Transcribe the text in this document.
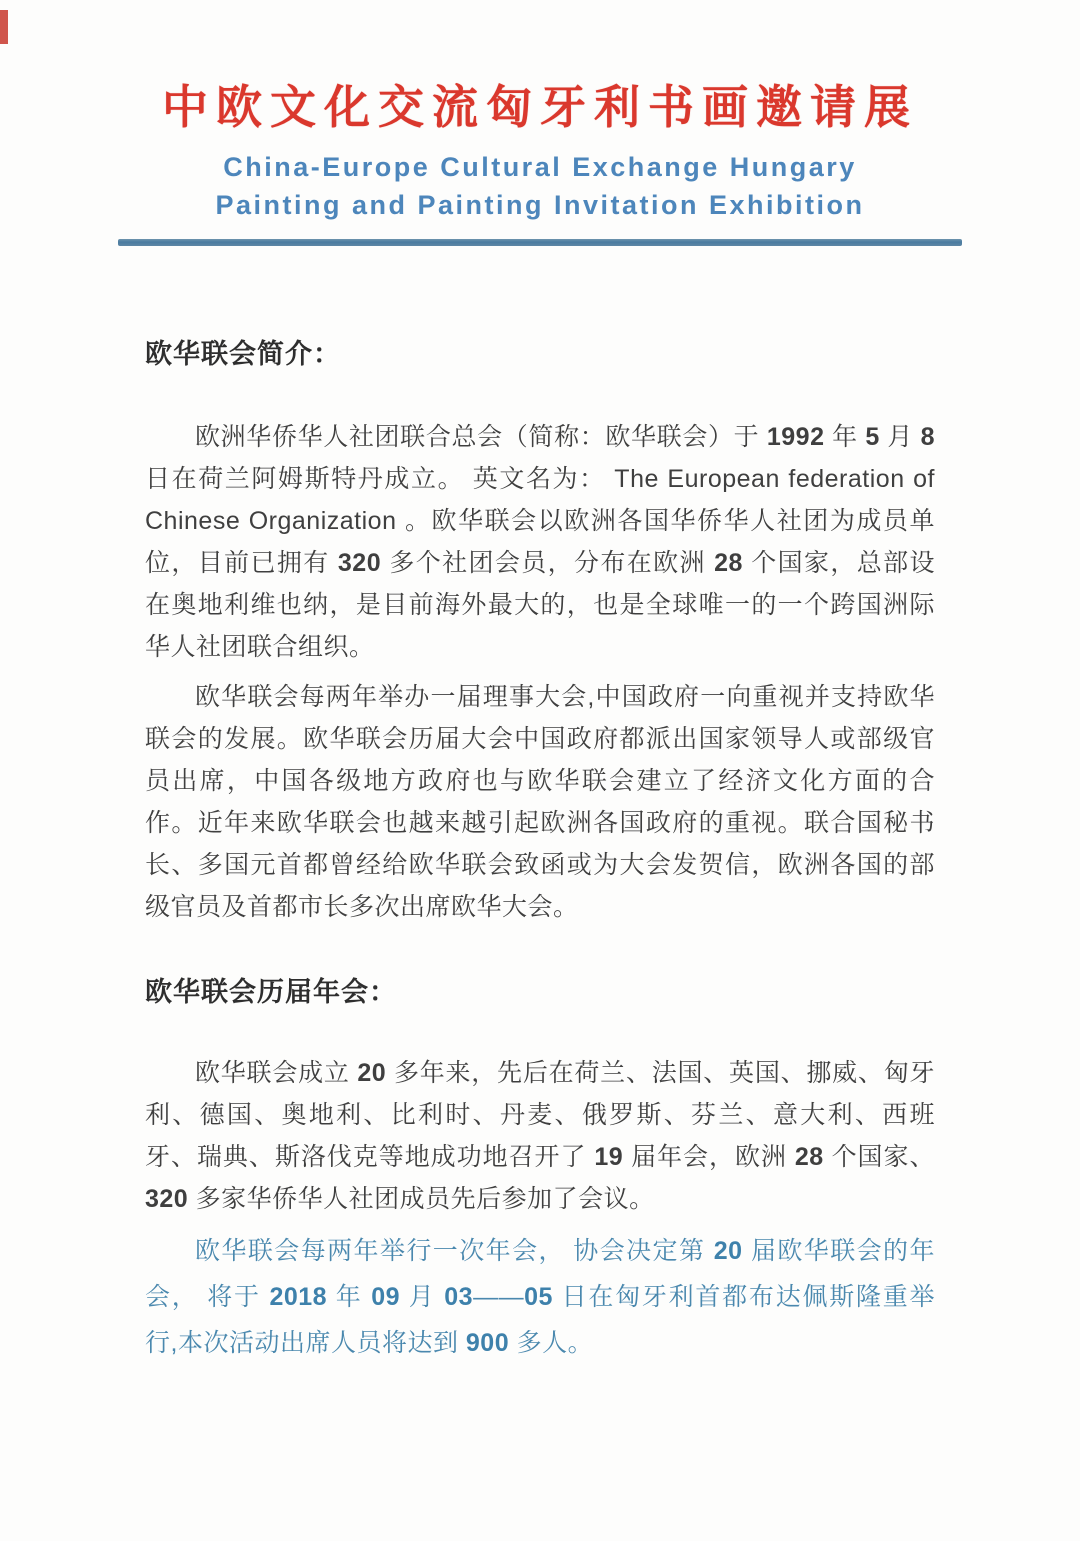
中欧文化交流匈牙利书画邀请展
China-Europe Cultural Exchange Hungary
Painting and Painting Invitation Exhibition
欧华联会简介：

欧洲华侨华人社团联合总会（简称：欧华联会）于 1992 年 5 月 8 日在荷兰阿姆斯特丹成立。 英文名为： The European federation of Chinese Organization 。欧华联会以欧洲各国华侨华人社团为成员单位，目前已拥有 320 多个社团会员，分布在欧洲 28 个国家，总部设在奥地利维也纳，是目前海外最大的，也是全球唯一的一个跨国洲际华人社团联合组织。

欧华联会每两年举办一届理事大会,中国政府一向重视并支持欧华联会的发展。欧华联会历届大会中国政府都派出国家领导人或部级官员出席，中国各级地方政府也与欧华联会建立了经济文化方面的合作。近年来欧华联会也越来越引起欧洲各国政府的重视。联合国秘书长、多国元首都曾经给欧华联会致函或为大会发贺信，欧洲各国的部级官员及首都市长多次出席欧华大会。

欧华联会历届年会：

欧华联会成立 20 多年来，先后在荷兰、法国、英国、挪威、匈牙利、德国、奥地利、比利时、丹麦、俄罗斯、芬兰、意大利、西班牙、瑞典、斯洛伐克等地成功地召开了 19 届年会，欧洲 28 个国家、320 多家华侨华人社团成员先后参加了会议。

欧华联会每两年举行一次年会， 协会决定第 20 届欧华联会的年会， 将于 2018 年 09 月 03——05 日在匈牙利首都布达佩斯隆重举行,本次活动出席人员将达到 900 多人。
